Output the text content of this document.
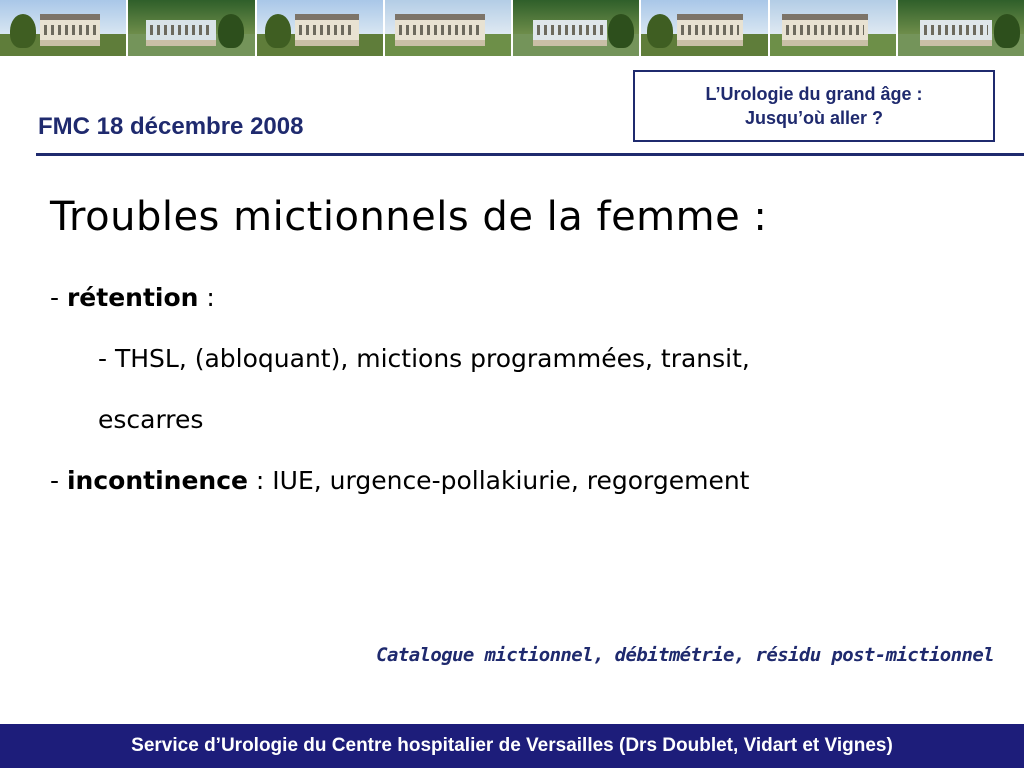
L’Urologie du grand âge :
Jusqu’où aller ?
FMC 18 décembre 2008
Troubles mictionnels de la femme :
- rétention :
- THSL, (abloquant), mictions programmées, transit,
escarres
- incontinence : IUE, urgence-pollakiurie, regorgement
Catalogue mictionnel, débitmétrie, résidu post-mictionnel
Service d’Urologie du Centre hospitalier de Versailles (Drs Doublet, Vidart et Vignes)
